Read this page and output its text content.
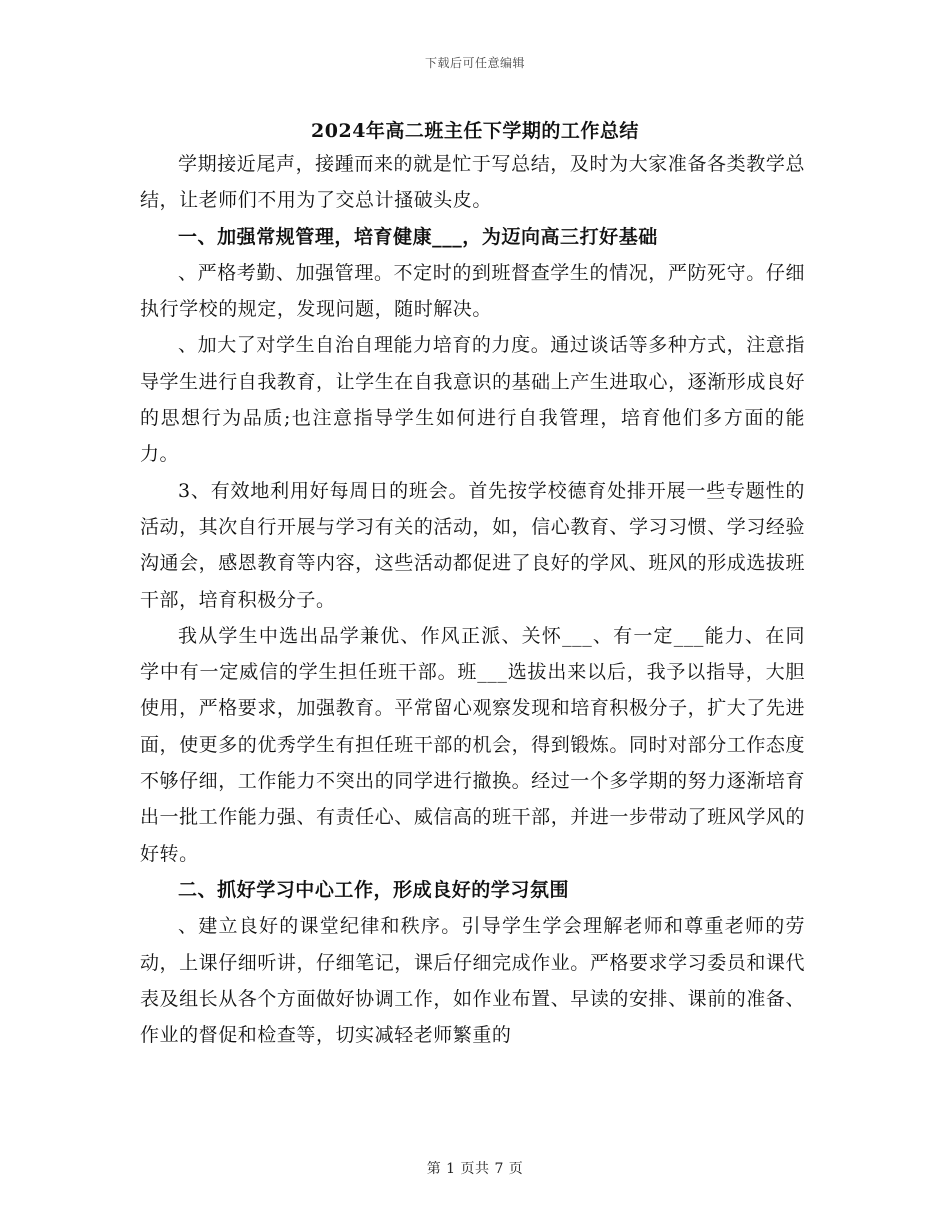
下载后可任意编辑
2024年高二班主任下学期的工作总结

学期接近尾声，接踵而来的就是忙于写总结，及时为大家准备各类教学总结，让老师们不用为了交总计搔破头皮。

一、加强常规管理，培育健康___，为迈向高三打好基础

、严格考勤、加强管理。不定时的到班督查学生的情况，严防死守。仔细执行学校的规定，发现问题，随时解决。

、加大了对学生自治自理能力培育的力度。通过谈话等多种方式，注意指导学生进行自我教育，让学生在自我意识的基础上产生进取心，逐渐形成良好的思想行为品质;也注意指导学生如何进行自我管理，培育他们多方面的能力。

3、有效地利用好每周日的班会。首先按学校德育处排开展一些专题性的活动，其次自行开展与学习有关的活动，如，信心教育、学习习惯、学习经验沟通会，感恩教育等内容，这些活动都促进了良好的学风、班风的形成选拔班干部，培育积极分子。

我从学生中选出品学兼优、作风正派、关怀___、有一定___能力、在同学中有一定威信的学生担任班干部。班___选拔出来以后，我予以指导，大胆使用，严格要求，加强教育。平常留心观察发现和培育积极分子，扩大了先进面，使更多的优秀学生有担任班干部的机会，得到锻炼。同时对部分工作态度不够仔细，工作能力不突出的同学进行撤换。经过一个多学期的努力逐渐培育出一批工作能力强、有责任心、威信高的班干部，并进一步带动了班风学风的好转。

二、抓好学习中心工作，形成良好的学习氛围

、建立良好的课堂纪律和秩序。引导学生学会理解老师和尊重老师的劳动，上课仔细听讲，仔细笔记，课后仔细完成作业。严格要求学习委员和课代表及组长从各个方面做好协调工作，如作业布置、早读的安排、课前的准备、作业的督促和检查等，切实减轻老师繁重的

第 1 页共 7 页
